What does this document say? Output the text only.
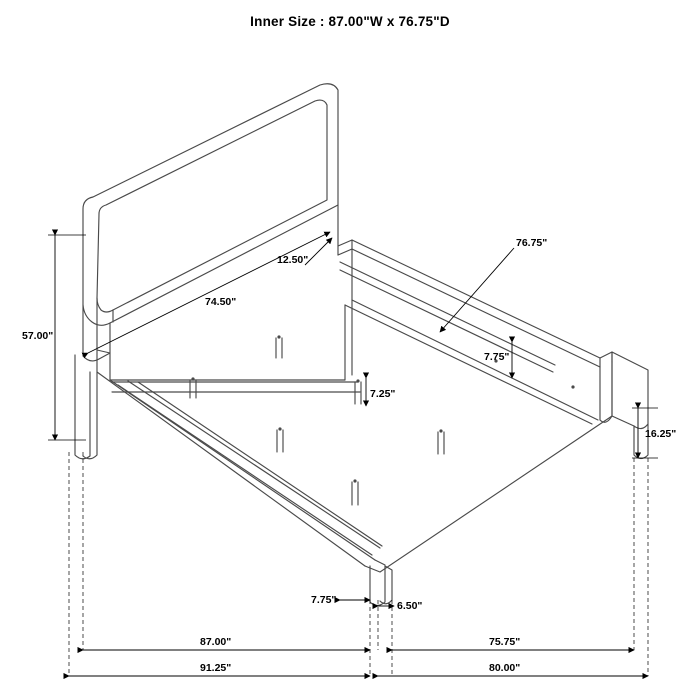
Inner Size : 87.00"W x 76.75"D
57.00"
12.50"
74.50"
76.75"
7.75"
7.25"
16.25"
7.75"	6.50"
87.00"	75.75"
91.25"	80.00"
